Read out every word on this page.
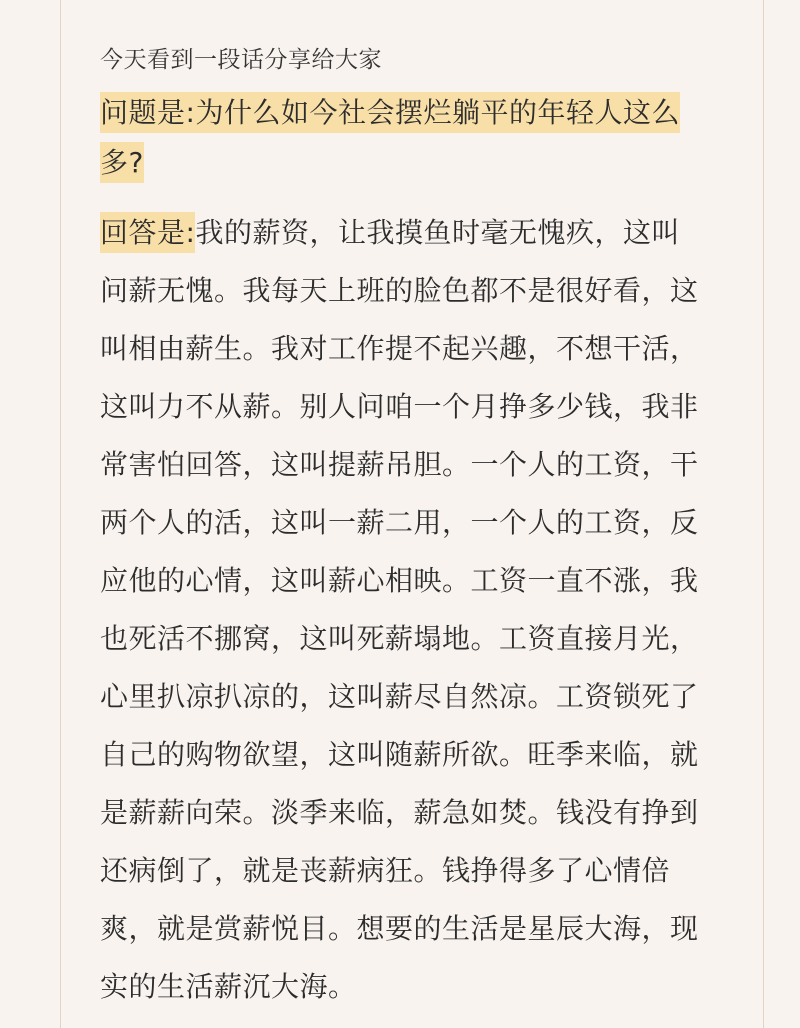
今天看到一段话分享给大家
问题是:为什么如今社会摆烂躺平的年轻人这么多?
回答是:我的薪资，让我摸鱼时毫无愧疚，这叫问薪无愧。我每天上班的脸色都不是很好看，这叫相由薪生。我对工作提不起兴趣，不想干活，这叫力不从薪。别人问咱一个月挣多少钱，我非常害怕回答，这叫提薪吊胆。一个人的工资，干两个人的活，这叫一薪二用，一个人的工资，反应他的心情，这叫薪心相映。工资一直不涨，我也死活不挪窝，这叫死薪塌地。工资直接月光，心里扒凉扒凉的，这叫薪尽自然凉。工资锁死了自己的购物欲望，这叫随薪所欲。旺季来临，就是薪薪向荣。淡季来临，薪急如焚。钱没有挣到还病倒了，就是丧薪病狂。钱挣得多了心情倍爽，就是赏薪悦目。想要的生活是星辰大海，现实的生活薪沉大海。
